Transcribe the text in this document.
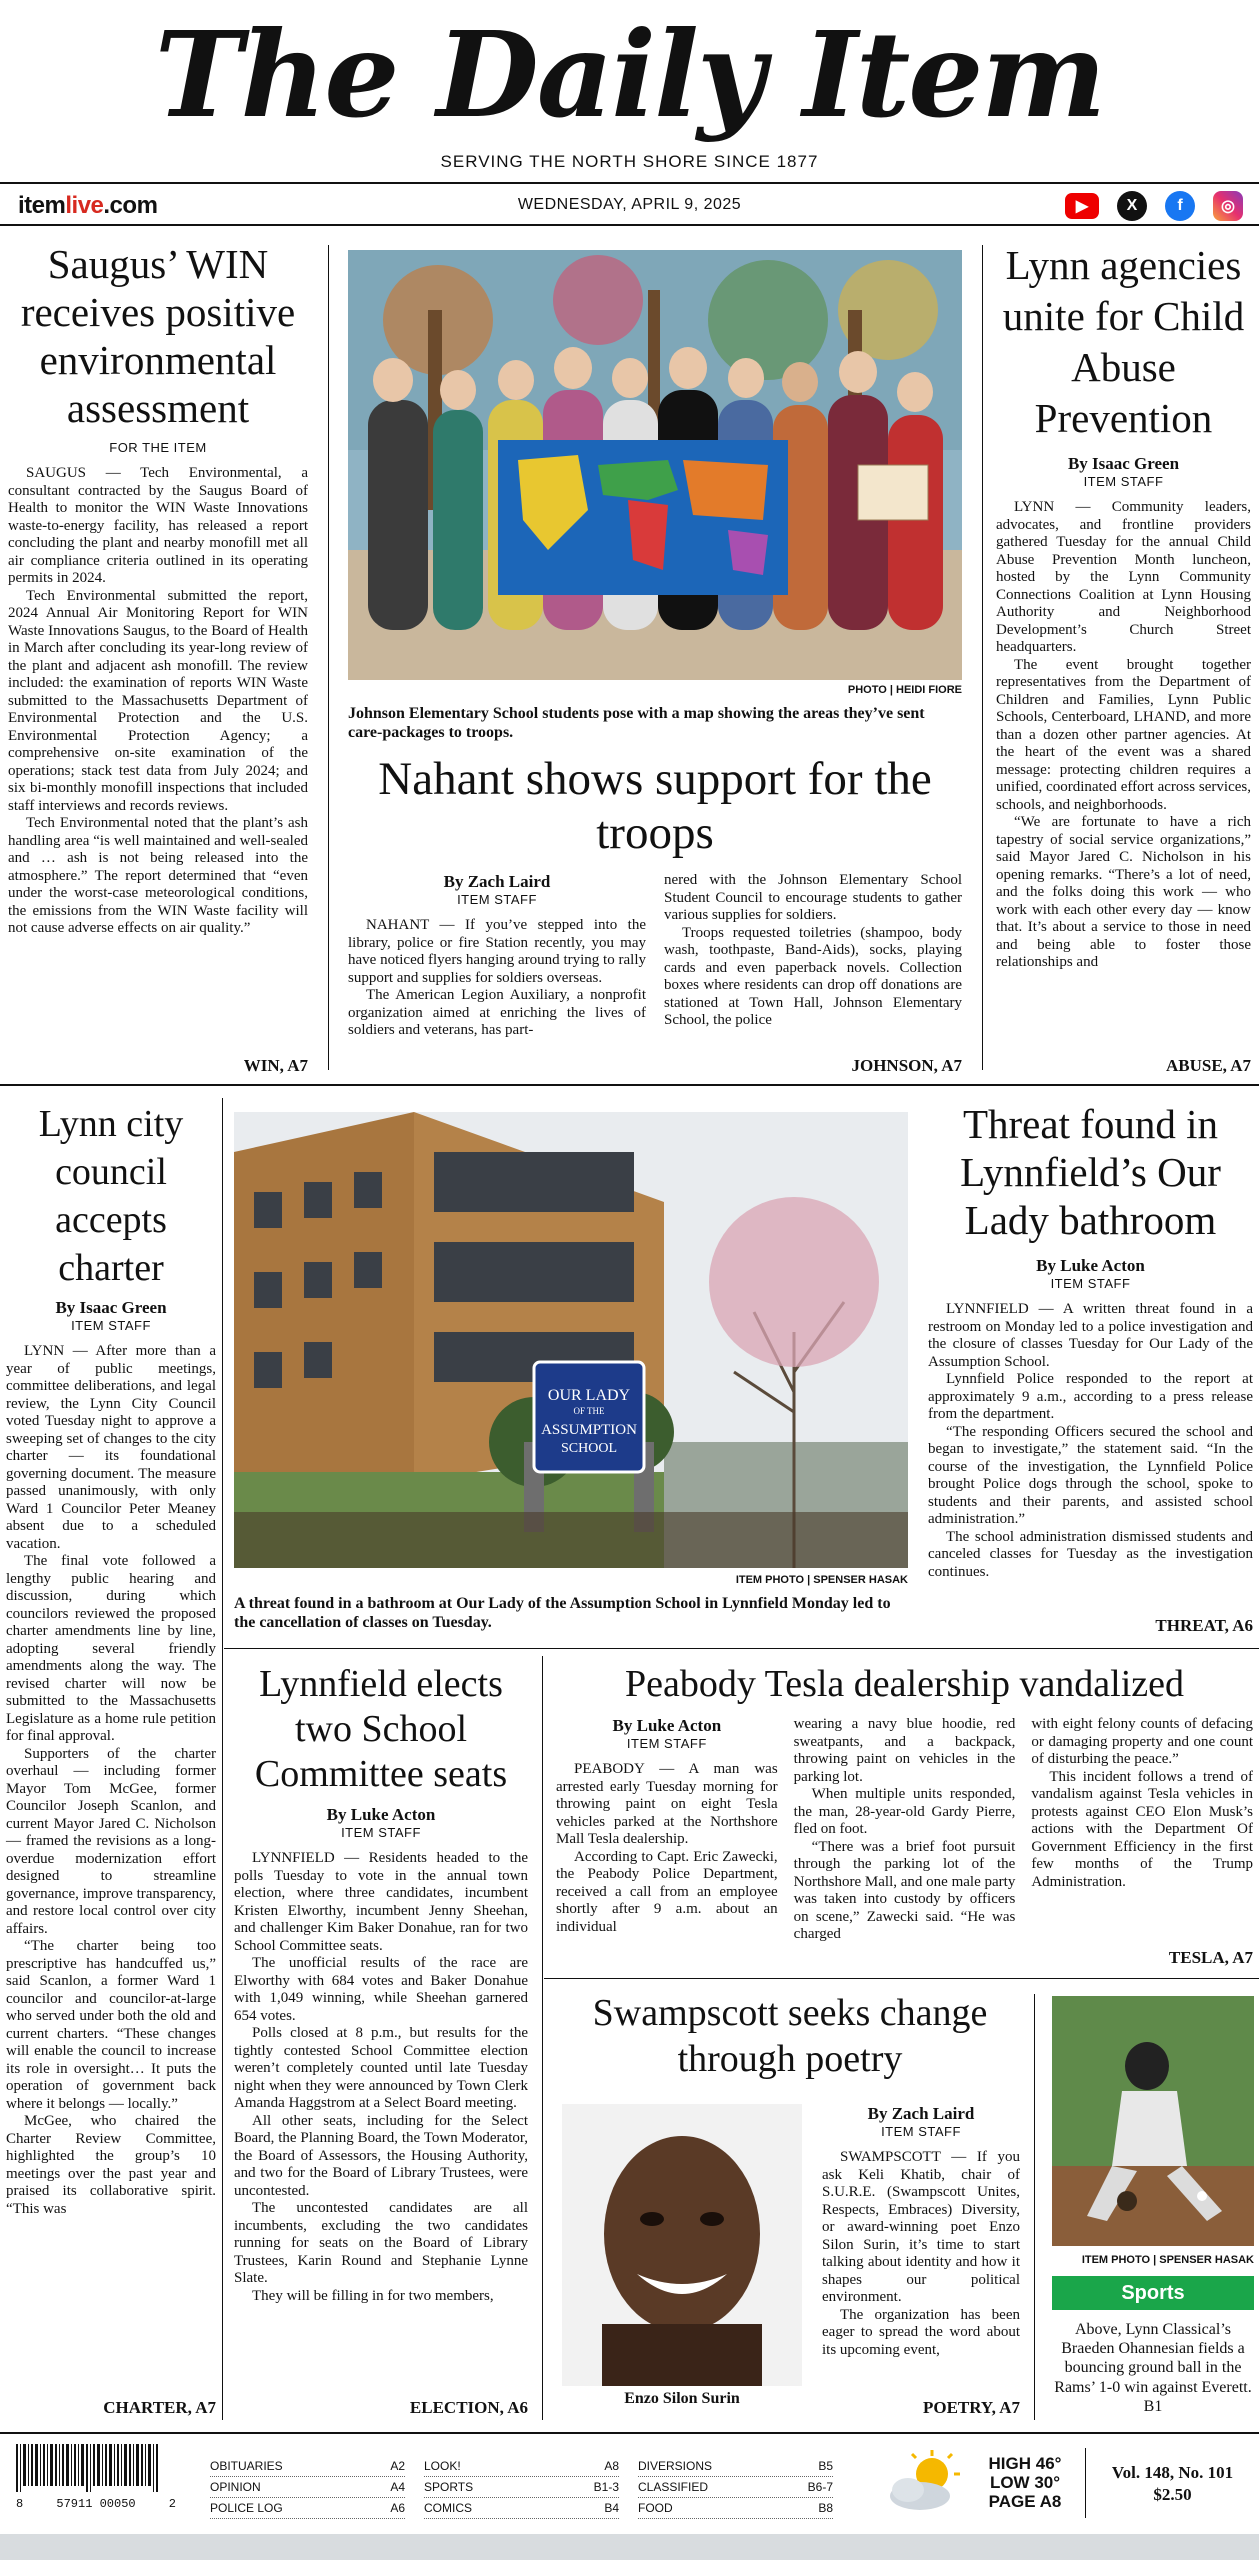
The Daily Item
SERVING THE NORTH SHORE SINCE 1877
itemlive.com	WEDNESDAY, APRIL 9, 2025	▶	X	f	◎
Saugus’ WIN receives positive environmental assessment
FOR THE ITEM

SAUGUS — Tech Environmental, a consultant contracted by the Saugus Board of Health to monitor the WIN Waste Innovations waste-to-energy facility, has released a report concluding the plant and nearby monofill met all air compliance criteria outlined in its operating permits in 2024.

Tech Environmental submitted the report, 2024 Annual Air Monitoring Report for WIN Waste Innovations Saugus, to the Board of Health in March after concluding its year-long review of the plant and adjacent ash monofill. The review included: the examination of reports WIN Waste submitted to the Massachusetts Department of Environmental Protection and the U.S. Environmental Protection Agency; a comprehensive on-site examination of the operations; stack test data from July 2024; and six bi-monthly monofill inspections that included staff interviews and records reviews.

Tech Environmental noted that the plant’s ash handling area “is well maintained and well-sealed and … ash is not being released into the atmosphere.” The report determined that “even under the worst-case meteorological conditions, the emissions from the WIN Waste facility will not cause adverse effects on air quality.”

WIN, A7
PHOTO | HEIDI FIORE
Johnson Elementary School students pose with a map showing the areas they’ve sent care-packages to troops.
Nahant shows support for the troops
By Zach Laird
ITEM STAFF

NAHANT — If you’ve stepped into the library, police or fire Station recently, you may have noticed flyers hanging around trying to rally support and supplies for soldiers overseas.

The American Legion Auxiliary, a nonprofit organization aimed at enriching the lives of soldiers and veterans, has part-

nered with the Johnson Elementary School Student Council to encourage students to gather various supplies for soldiers.

Troops requested toiletries (shampoo, body wash, toothpaste, Band-Aids), socks, playing cards and even paperback novels. Collection boxes where residents can drop off donations are stationed at Town Hall, Johnson Elementary School, the police

JOHNSON, A7
Lynn agencies unite for Child Abuse Prevention
By Isaac Green
ITEM STAFF

LYNN — Community leaders, advocates, and frontline providers gathered Tuesday for the annual Child Abuse Prevention Month luncheon, hosted by the Lynn Community Connections Coalition at Lynn Housing Authority and Neighborhood Development’s Church Street headquarters.

The event brought together representatives from the Department of Children and Families, Lynn Public Schools, Centerboard, LHAND, and more than a dozen other partner agencies. At the heart of the event was a shared message: protecting children requires a unified, coordinated effort across services, schools, and neighborhoods.

“We are fortunate to have a rich tapestry of social service organizations,” said Mayor Jared C. Nicholson in his opening remarks. “There’s a lot of need, and the folks doing this work — who work with each other every day — know that. It’s about a service to those in need and being able to foster those relationships and

ABUSE, A7
Lynn city council accepts charter
By Isaac Green
ITEM STAFF

LYNN — After more than a year of public meetings, committee deliberations, and legal review, the Lynn City Council voted Tuesday night to approve a sweeping set of changes to the city charter — its foundational governing document. The measure passed unanimously, with only Ward 1 Councilor Peter Meaney absent due to a scheduled vacation.

The final vote followed a lengthy public hearing and discussion, during which councilors reviewed the proposed charter amendments line by line, adopting several friendly amendments along the way. The revised charter will now be submitted to the Massachusetts Legislature as a home rule petition for final approval.

Supporters of the charter overhaul — including former Mayor Tom McGee, former Councilor Joseph Scanlon, and current Mayor Jared C. Nicholson — framed the revisions as a long-overdue modernization effort designed to streamline governance, improve transparency, and restore local control over city affairs.

“The charter being too prescriptive has handcuffed us,” said Scanlon, a former Ward 1 councilor and councilor-at-large who served under both the old and current charters. “These changes will enable the council to increase its role in oversight… It puts the operation of government back where it belongs — locally.”

McGee, who chaired the Charter Review Committee, highlighted the group’s 10 meetings over the past year and praised its collaborative spirit. “This was

CHARTER, A7
OUR LADY
OF THE
ASSUMPTION
SCHOOL
ITEM PHOTO | SPENSER HASAK
A threat found in a bathroom at Our Lady of the Assumption School in Lynnfield Monday led to the cancellation of classes on Tuesday.
Threat found in Lynnfield’s Our Lady bathroom
By Luke Acton
ITEM STAFF

LYNNFIELD — A written threat found in a restroom on Monday led to a police investigation and the closure of classes Tuesday for Our Lady of the Assumption School.

Lynnfield Police responded to the report at approximately 9 a.m., according to a press release from the department.

“The responding Officers secured the school and began to investigate,” the statement said. “In the course of the investigation, the Lynnfield Police brought Police dogs through the school, spoke to students and their parents, and assisted school administration.”

The school administration dismissed students and canceled classes for Tuesday as the investigation continues.

THREAT, A6
Lynnfield elects two School Committee seats
By Luke Acton
ITEM STAFF

LYNNFIELD — Residents headed to the polls Tuesday to vote in the annual town election, where three candidates, incumbent Kristen Elworthy, incumbent Jenny Sheehan, and challenger Kim Baker Donahue, ran for two School Committee seats.

The unofficial results of the race are Elworthy with 684 votes and Baker Donahue with 1,049 winning, while Sheehan garnered 654 votes.

Polls closed at 8 p.m., but results for the tightly contested School Committee election weren’t completely counted until late Tuesday night when they were announced by Town Clerk Amanda Haggstrom at a Select Board meeting.

All other seats, including for the Select Board, the Planning Board, the Town Moderator, the Board of Assessors, the Housing Authority, and two for the Board of Library Trustees, were uncontested.

The uncontested candidates are all incumbents, excluding the two candidates running for seats on the Board of Library Trustees, Karin Round and Stephanie Lynne Slate.

They will be filling in for two members,

ELECTION, A6
Peabody Tesla dealership vandalized
By Luke Acton
ITEM STAFF

PEABODY — A man was arrested early Tuesday morning for throwing paint on eight Tesla vehicles parked at the Northshore Mall Tesla dealership.

According to Capt. Eric Zawecki, the Peabody Police Department, received a call from an employee shortly after 9 a.m. about an individual

wearing a navy blue hoodie, red sweatpants, and a backpack, throwing paint on vehicles in the parking lot.

When multiple units responded, the man, 28-year-old Gardy Pierre, fled on foot.

“There was a brief foot pursuit through the parking lot of the Northshore Mall, and one male party was taken into custody by officers on scene,” Zawecki said. “He was charged

with eight felony counts of defacing or damaging property and one count of disturbing the peace.”

This incident follows a trend of vandalism against Tesla vehicles in protests against CEO Elon Musk’s actions with the Department Of Government Efficiency in the first few months of the Trump Administration.

TESLA, A7
Swampscott seeks change through poetry
Enzo Silon Surin
By Zach Laird
ITEM STAFF

SWAMPSCOTT — If you ask Keli Khatib, chair of S.U.R.E. (Swampscott Unites, Respects, Embraces) Diversity, or award-winning poet Enzo Silon Surin, it’s time to start talking about identity and how it shapes our political environment.

The organization has been eager to spread the word about its upcoming event,

POETRY, A7
ITEM PHOTO | SPENSER HASAK
Sports
Above, Lynn Classical’s Braeden Ohannesian fields a bouncing ground ball in the Rams’ 1-0 win against Everett. B1
8	57911 00050	2
OBITUARIES	A2
OPINION	A4
POLICE LOG	A6
LOOK!	A8
SPORTS	B1-3
COMICS	B4
DIVERSIONS	B5
CLASSIFIED	B6-7
FOOD	B8
HIGH 46°
LOW 30°
PAGE A8
Vol. 148, No. 101
$2.50
